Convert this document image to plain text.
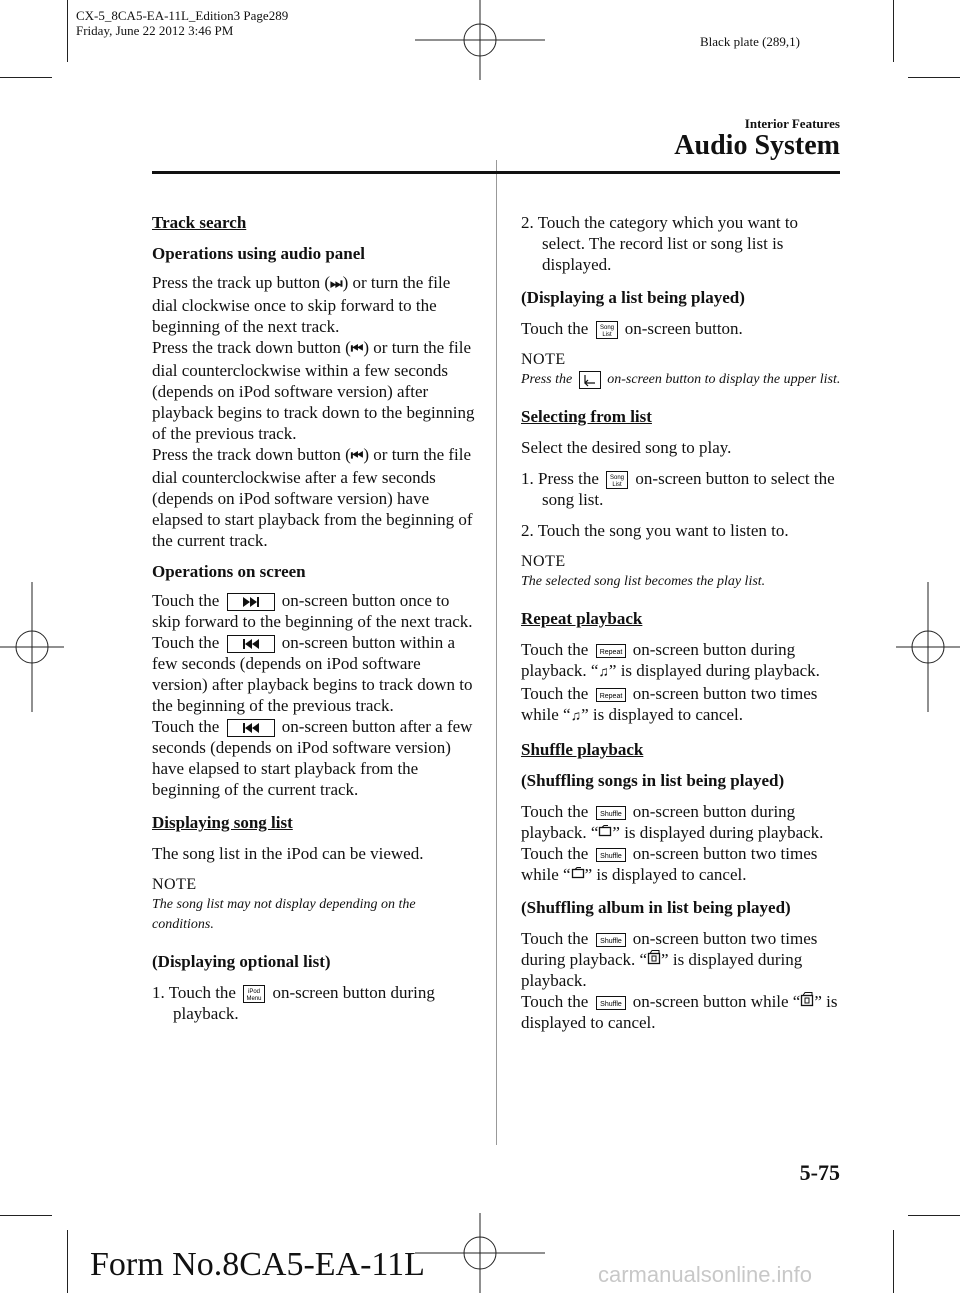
CX-5_8CA5-EA-11L_Edition3 Page289
Friday, June 22 2012 3:46 PM
Black plate (289,1)
Interior Features
Audio System

Track search

Operations using audio panel

Press the track up button (⏭) or turn the file dial clockwise once to skip forward to the beginning of the next track.

Press the track down button (⏮) or turn the file dial counterclockwise within a few seconds (depends on iPod software version) after playback begins to track down to the beginning of the previous track.

Press the track down button (⏮) or turn the file dial counterclockwise after a few seconds (depends on iPod software version) have elapsed to start playback from the beginning of the current track.

Operations on screen

Touch the	on-screen button once to skip forward to the beginning of the next track.

Touch the	on-screen button within a few seconds (depends on iPod software version) after playback begins to track down to the beginning of the previous track.

Touch the	on-screen button after a few seconds (depends on iPod software version) have elapsed to start playback from the beginning of the current track.

Displaying song list

The song list in the iPod can be viewed.

NOTE

The song list may not display depending on the conditions.

(Displaying optional list)

1. Touch the iPod
Menu on-screen button during playback.

2. Touch the category which you want to select. The record list or song list is displayed.

(Displaying a list being played)

Touch the Song
List on-screen button.

NOTE

Press the	on-screen button to display the upper list.

Selecting from list

Select the desired song to play.

1. Press the Song
List on-screen button to select the song list.

2. Touch the song you want to listen to.

NOTE

The selected song list becomes the play list.

Repeat playback

Touch the Repeat on-screen button during playback. “♫” is displayed during playback.

Touch the Repeat on-screen button two times while “♫” is displayed to cancel.

Shuffle playback

(Shuffling songs in list being played)

Touch the Shuffle on-screen button during playback. “ ” is displayed during playback.

Touch the Shuffle on-screen button two times while “ ” is displayed to cancel.

(Shuffling album in list being played)

Touch the Shuffle on-screen button two times during playback. “ ” is displayed during playback.

Touch the Shuffle on-screen button while “ ” is displayed to cancel.

5-75
Form No.8CA5-EA-11L	carmanualsonline.info
